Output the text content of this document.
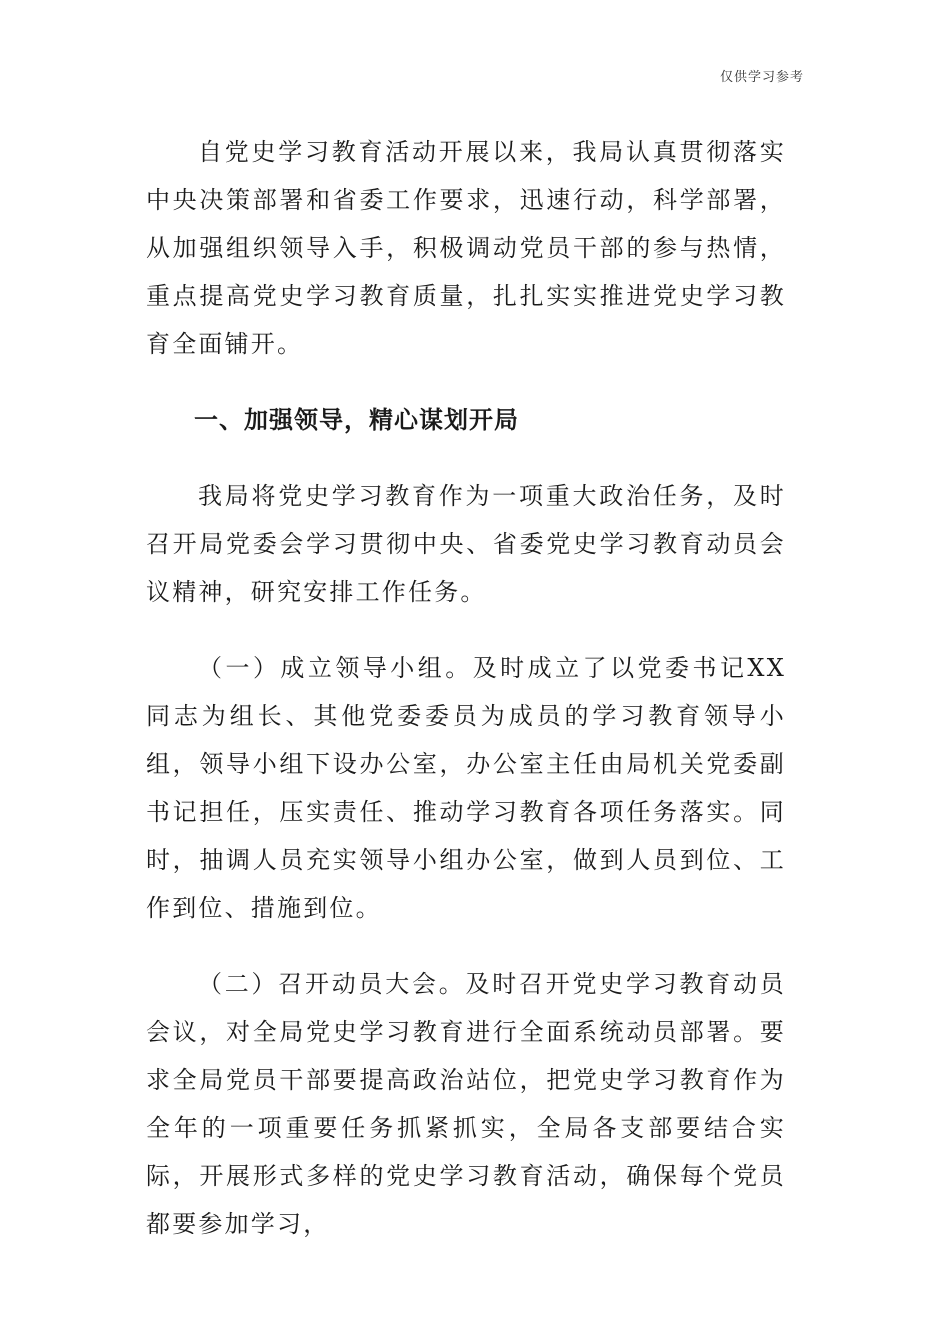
仅供学习参考

自党史学习教育活动开展以来，我局认真贯彻落实中央决策部署和省委工作要求，迅速行动，科学部署，从加强组织领导入手，积极调动党员干部的参与热情，重点提高党史学习教育质量，扎扎实实推进党史学习教育全面铺开。

一、加强领导，精心谋划开局

我局将党史学习教育作为一项重大政治任务，及时召开局党委会学习贯彻中央、省委党史学习教育动员会议精神，研究安排工作任务。

（一）成立领导小组。及时成立了以党委书记XX同志为组长、其他党委委员为成员的学习教育领导小组，领导小组下设办公室，办公室主任由局机关党委副书记担任，压实责任、推动学习教育各项任务落实。同时，抽调人员充实领导小组办公室，做到人员到位、工作到位、措施到位。

（二）召开动员大会。及时召开党史学习教育动员会议，对全局党史学习教育进行全面系统动员部署。要求全局党员干部要提高政治站位，把党史学习教育作为全年的一项重要任务抓紧抓实，全局各支部要结合实际，开展形式多样的党史学习教育活动，确保每个党员都要参加学习，
